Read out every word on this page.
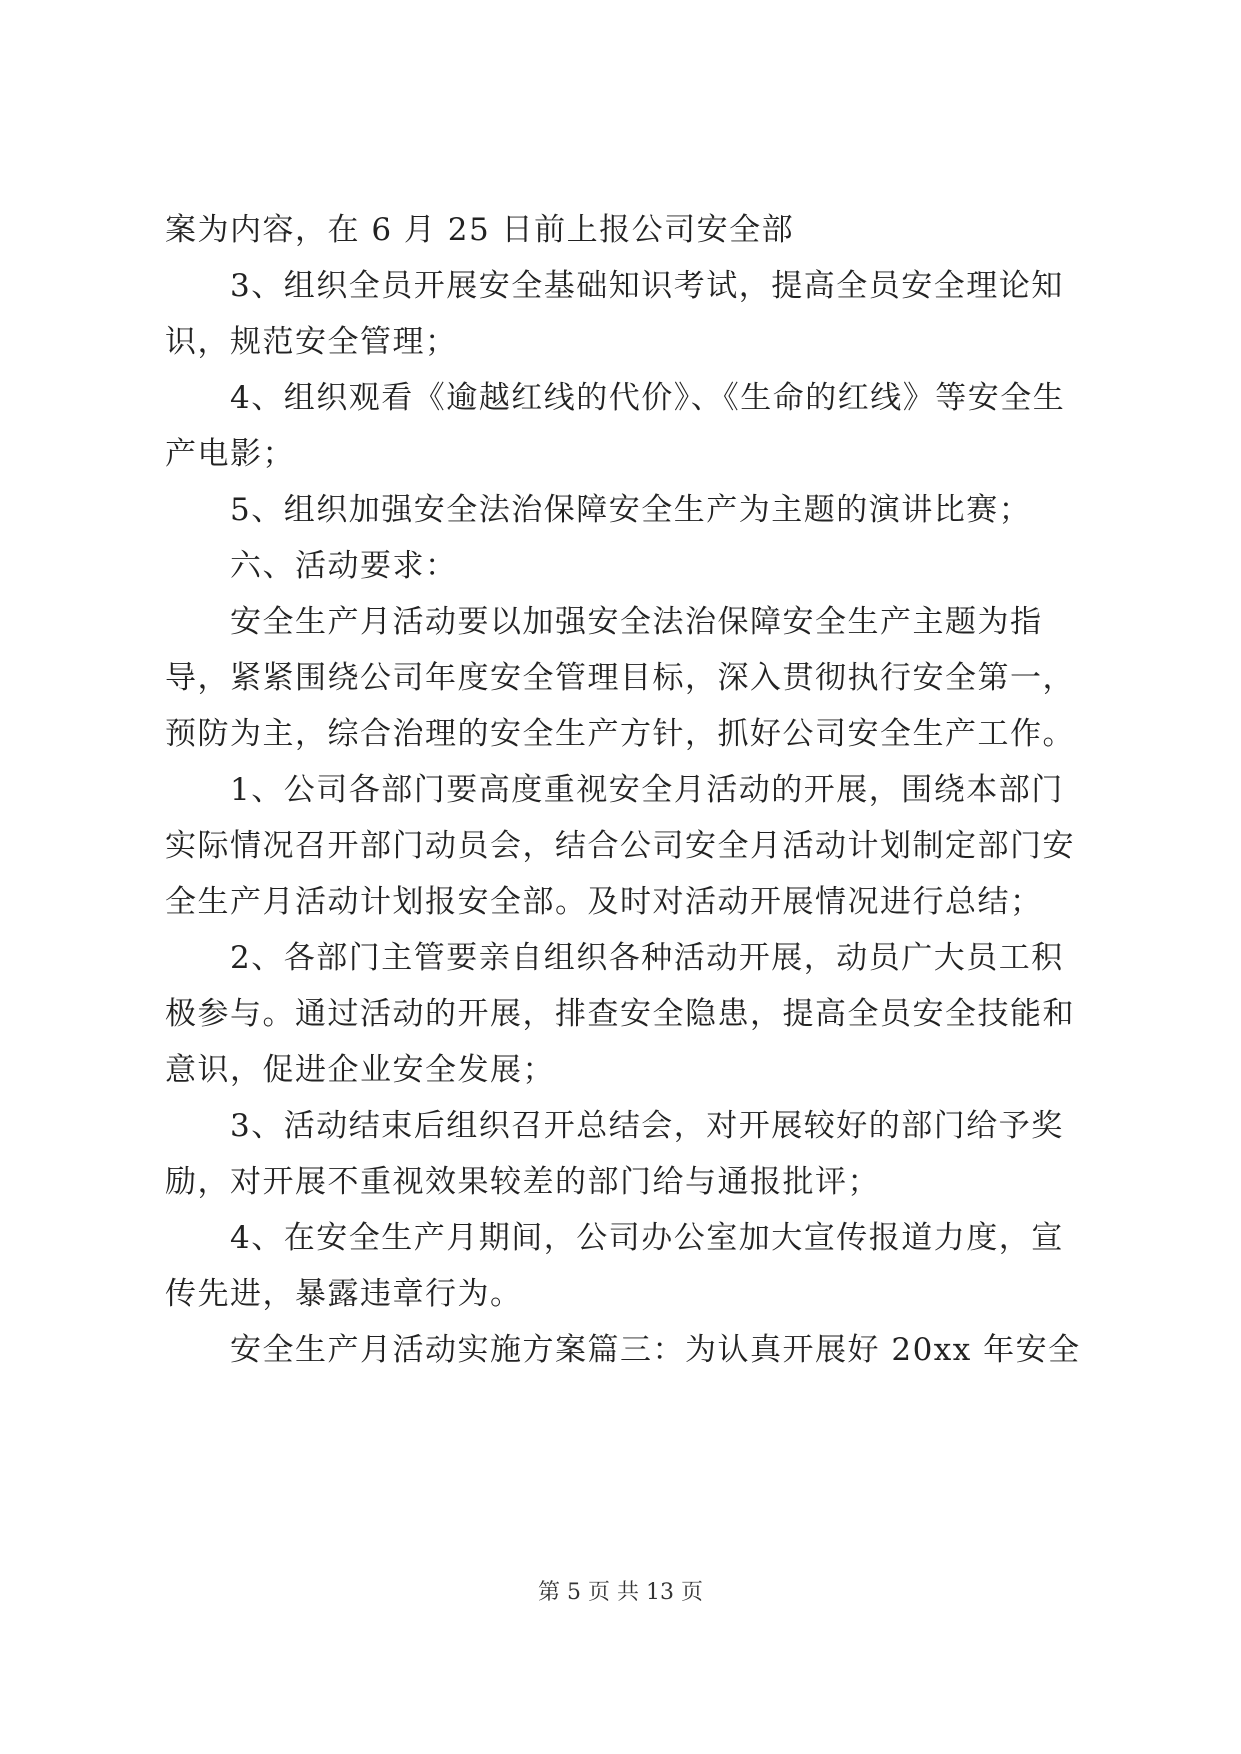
案为内容，在 6 月 25 日前上报公司安全部
3、组织全员开展安全基础知识考试，提高全员安全理论知
识，规范安全管理；
4、组织观看《逾越红线的代价》、《生命的红线》等安全生
产电影；
5、组织加强安全法治保障安全生产为主题的演讲比赛；
六、活动要求：
安全生产月活动要以加强安全法治保障安全生产主题为指
导，紧紧围绕公司年度安全管理目标，深入贯彻执行安全第一，
预防为主，综合治理的安全生产方针，抓好公司安全生产工作。
1、公司各部门要高度重视安全月活动的开展，围绕本部门
实际情况召开部门动员会，结合公司安全月活动计划制定部门安
全生产月活动计划报安全部。及时对活动开展情况进行总结；
2、各部门主管要亲自组织各种活动开展，动员广大员工积
极参与。通过活动的开展，排查安全隐患，提高全员安全技能和
意识，促进企业安全发展；
3、活动结束后组织召开总结会，对开展较好的部门给予奖
励，对开展不重视效果较差的部门给与通报批评；
4、在安全生产月期间，公司办公室加大宣传报道力度，宣
传先进，暴露违章行为。
安全生产月活动实施方案篇三：为认真开展好 20xx 年安全
第 5 页 共 13 页
